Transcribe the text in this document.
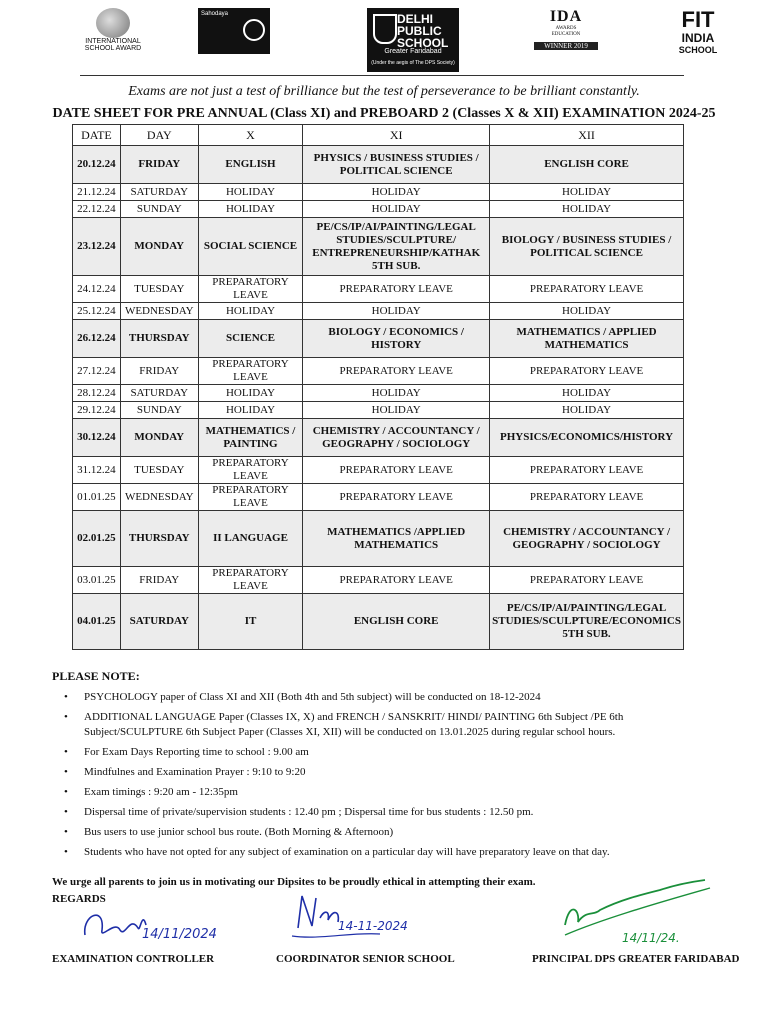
INTERNATIONAL
SCHOOL AWARD
Sahodaya	DELHI
PUBLIC
SCHOOL
Greater Faridabad
(Under the aegis of The DPS Society)
IDA
AWARDS
EDUCATION
WINNER 2019
FIT
INDIA
SCHOOL
Exams are not just a test of brilliance but the test of perseverance to be brilliant constantly.
DATE SHEET FOR PRE ANNUAL (Class XI) and PREBOARD 2 (Classes X & XII) EXAMINATION 2024-25
DATE	DAY	X	XI	XII
20.12.24	FRIDAY	ENGLISH	PHYSICS / BUSINESS STUDIES / POLITICAL SCIENCE	ENGLISH CORE
21.12.24	SATURDAY	HOLIDAY	HOLIDAY	HOLIDAY
22.12.24	SUNDAY	HOLIDAY	HOLIDAY	HOLIDAY
23.12.24	MONDAY	SOCIAL SCIENCE	PE/CS/IP/AI/PAINTING/LEGAL STUDIES/SCULPTURE/ ENTREPRENEURSHIP/KATHAK 5TH SUB.	BIOLOGY / BUSINESS STUDIES / POLITICAL SCIENCE
24.12.24	TUESDAY	PREPARATORY LEAVE	PREPARATORY LEAVE	PREPARATORY LEAVE
25.12.24	WEDNESDAY	HOLIDAY	HOLIDAY	HOLIDAY
26.12.24	THURSDAY	SCIENCE	BIOLOGY / ECONOMICS / HISTORY	MATHEMATICS / APPLIED MATHEMATICS
27.12.24	FRIDAY	PREPARATORY LEAVE	PREPARATORY LEAVE	PREPARATORY LEAVE
28.12.24	SATURDAY	HOLIDAY	HOLIDAY	HOLIDAY
29.12.24	SUNDAY	HOLIDAY	HOLIDAY	HOLIDAY
30.12.24	MONDAY	MATHEMATICS / PAINTING	CHEMISTRY / ACCOUNTANCY / GEOGRAPHY / SOCIOLOGY	PHYSICS/ECONOMICS/HISTORY
31.12.24	TUESDAY	PREPARATORY LEAVE	PREPARATORY LEAVE	PREPARATORY LEAVE
01.01.25	WEDNESDAY	PREPARATORY LEAVE	PREPARATORY LEAVE	PREPARATORY LEAVE
02.01.25	THURSDAY	II LANGUAGE	MATHEMATICS /APPLIED MATHEMATICS	CHEMISTRY / ACCOUNTANCY / GEOGRAPHY / SOCIOLOGY
03.01.25	FRIDAY	PREPARATORY LEAVE	PREPARATORY LEAVE	PREPARATORY LEAVE
04.01.25	SATURDAY	IT	ENGLISH CORE	PE/CS/IP/AI/PAINTING/LEGAL STUDIES/SCULPTURE/ECONOMICS 5TH SUB.
PLEASE NOTE:
• PSYCHOLOGY paper of Class XI and XII (Both 4th and 5th subject) will be conducted on 18-12-2024
• ADDITIONAL LANGUAGE Paper (Classes IX, X) and FRENCH / SANSKRIT/ HINDI/ PAINTING 6th Subject /PE 6th Subject/SCULPTURE 6th Subject Paper (Classes XI, XII) will be conducted on 13.01.2025 during regular school hours.
• For Exam Days Reporting time to school : 9.00 am
• Mindfulnes and Examination Prayer : 9:10 to 9:20
• Exam timings : 9:20 am - 12:35pm
• Dispersal time of private/supervision students : 12.40 pm ; Dispersal time for bus students : 12.50 pm.
• Bus users to use junior school bus route. (Both Morning & Afternoon)
• Students who have not opted for any subject of examination on a particular day will have preparatory leave on that day.
We urge all parents to join us in motivating our Dipsites to be proudly ethical in attempting their exam.
REGARDS
14/11/2024
14-11-2024
14/11/24.
EXAMINATION CONTROLLER	COORDINATOR SENIOR SCHOOL	PRINCIPAL DPS GREATER FARIDABAD
